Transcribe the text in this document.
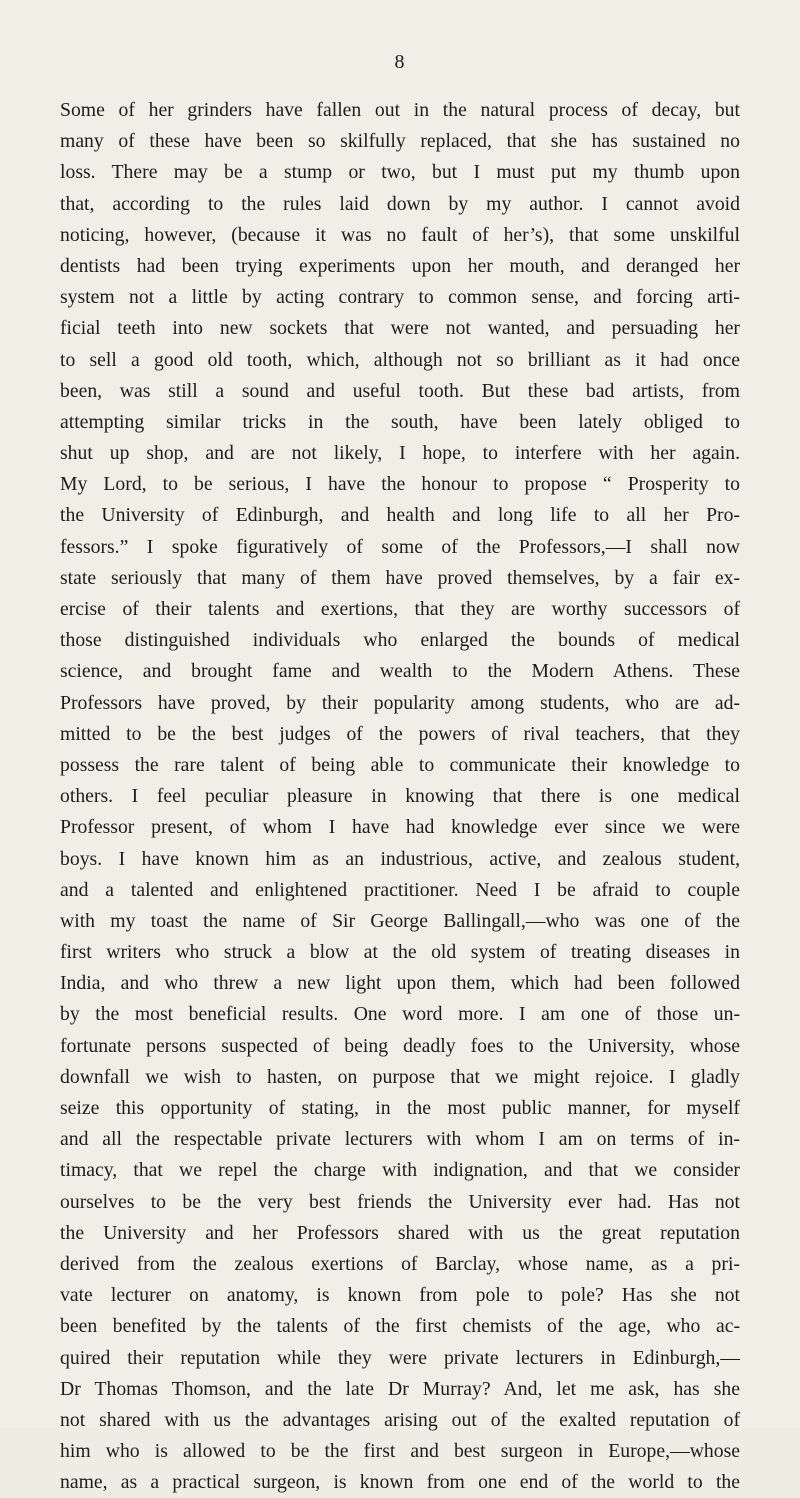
8
Some of her grinders have fallen out in the natural process of decay, but
many of these have been so skilfully replaced, that she has sustained no
loss. There may be a stump or two, but I must put my thumb upon
that, according to the rules laid down by my author. I cannot avoid
noticing, however, (because it was no fault of her’s), that some unskilful
dentists had been trying experiments upon her mouth, and deranged her
system not a little by acting contrary to common sense, and forcing arti-
ficial teeth into new sockets that were not wanted, and persuading her
to sell a good old tooth, which, although not so brilliant as it had once
been, was still a sound and useful tooth. But these bad artists, from
attempting similar tricks in the south, have been lately obliged to
shut up shop, and are not likely, I hope, to interfere with her again.
My Lord, to be serious, I have the honour to propose “ Prosperity to
the University of Edinburgh, and health and long life to all her Pro-
fessors.” I spoke figuratively of some of the Professors,—I shall now
state seriously that many of them have proved themselves, by a fair ex-
ercise of their talents and exertions, that they are worthy successors of
those distinguished individuals who enlarged the bounds of medical
science, and brought fame and wealth to the Modern Athens. These
Professors have proved, by their popularity among students, who are ad-
mitted to be the best judges of the powers of rival teachers, that they
possess the rare talent of being able to communicate their knowledge to
others. I feel peculiar pleasure in knowing that there is one medical
Professor present, of whom I have had knowledge ever since we were
boys. I have known him as an industrious, active, and zealous student,
and a talented and enlightened practitioner. Need I be afraid to couple
with my toast the name of Sir George Ballingall,—who was one of the
first writers who struck a blow at the old system of treating diseases in
India, and who threw a new light upon them, which had been followed
by the most beneficial results. One word more. I am one of those un-
fortunate persons suspected of being deadly foes to the University, whose
downfall we wish to hasten, on purpose that we might rejoice. I gladly
seize this opportunity of stating, in the most public manner, for myself
and all the respectable private lecturers with whom I am on terms of in-
timacy, that we repel the charge with indignation, and that we consider
ourselves to be the very best friends the University ever had. Has not
the University and her Professors shared with us the great reputation
derived from the zealous exertions of Barclay, whose name, as a pri-
vate lecturer on anatomy, is known from pole to pole? Has she not
been benefited by the talents of the first chemists of the age, who ac-
quired their reputation while they were private lecturers in Edinburgh,—
Dr Thomas Thomson, and the late Dr Murray? And, let me ask, has she
not shared with us the advantages arising out of the exalted reputation of
him who is allowed to be the first and best surgeon in Europe,—whose
name, as a practical surgeon, is known from one end of the world to the
